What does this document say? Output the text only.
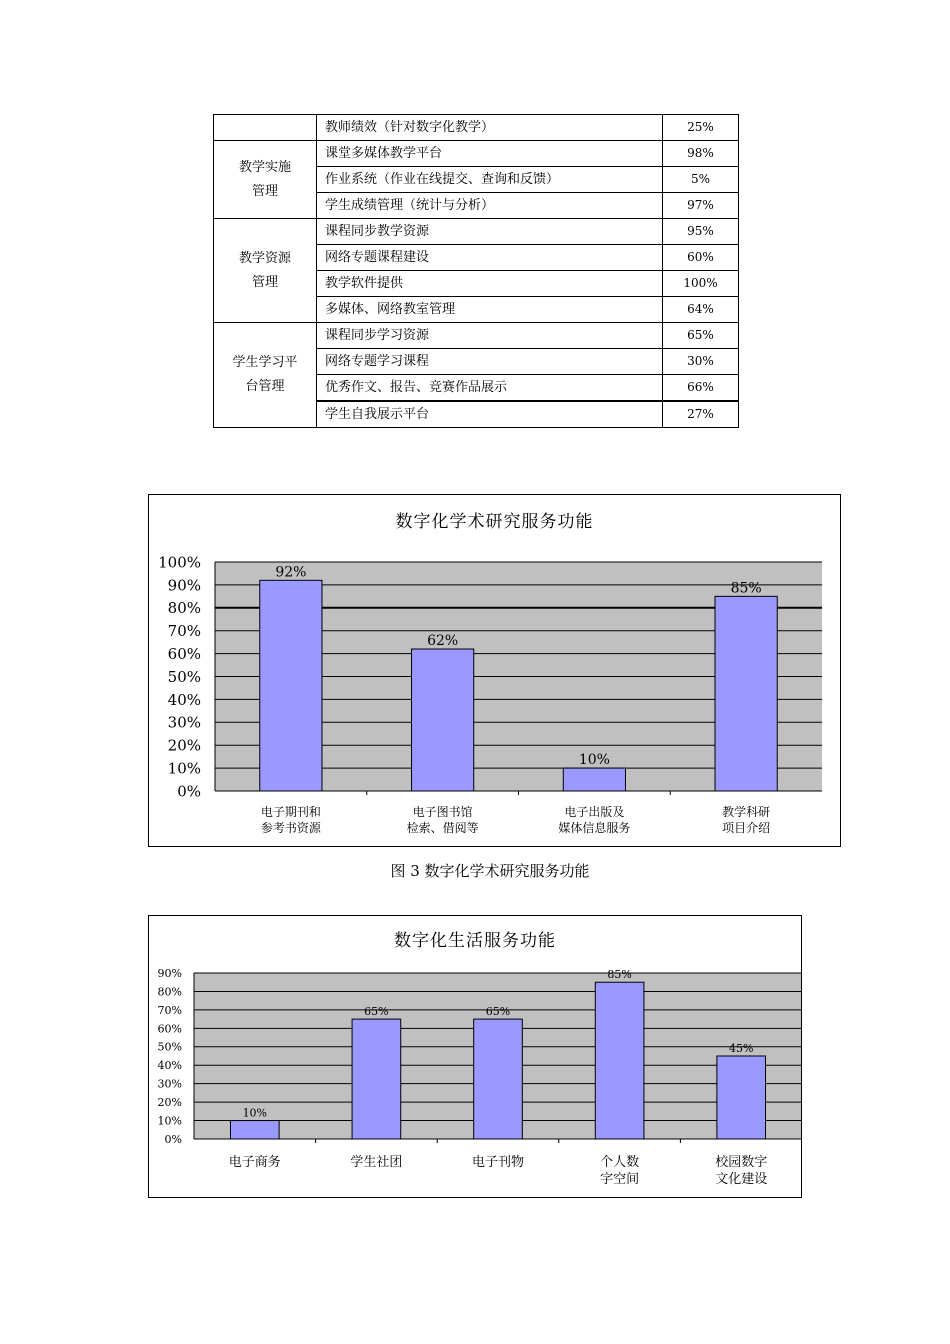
	教师绩效（针对数字化教学）	25%
教学实施
管理	课堂多媒体教学平台	98%
	作业系统（作业在线提交、查询和反馈）	5%
	学生成绩管理（统计与分析）	97%
教学资源
管理	课程同步教学资源	95%
	网络专题课程建设	60%
	教学软件提供	100%
	多媒体、网络教室管理	64%
学生学习平
台管理	课程同步学习资源	65%
	网络专题学习课程	30%
	优秀作文、报告、竞赛作品展示	66%
	学生自我展示平台	27%
数字化学术研究服务功能
0%
10%
20%
30%
40%
50%
60%
70%
80%
90%
100%
92%
电子期刊和
参考书资源
62%
电子图书馆
检索、借阅等
10%
电子出版及
媒体信息服务
85%
教学科研
项目介绍
图 3 数字化学术研究服务功能
数字化生活服务功能
0%
10%
20%
30%
40%
50%
60%
70%
80%
90%
10%
电子商务
65%
学生社团
65%
电子刊物
85%
个人数
字空间
45%
校园数字
文化建设
